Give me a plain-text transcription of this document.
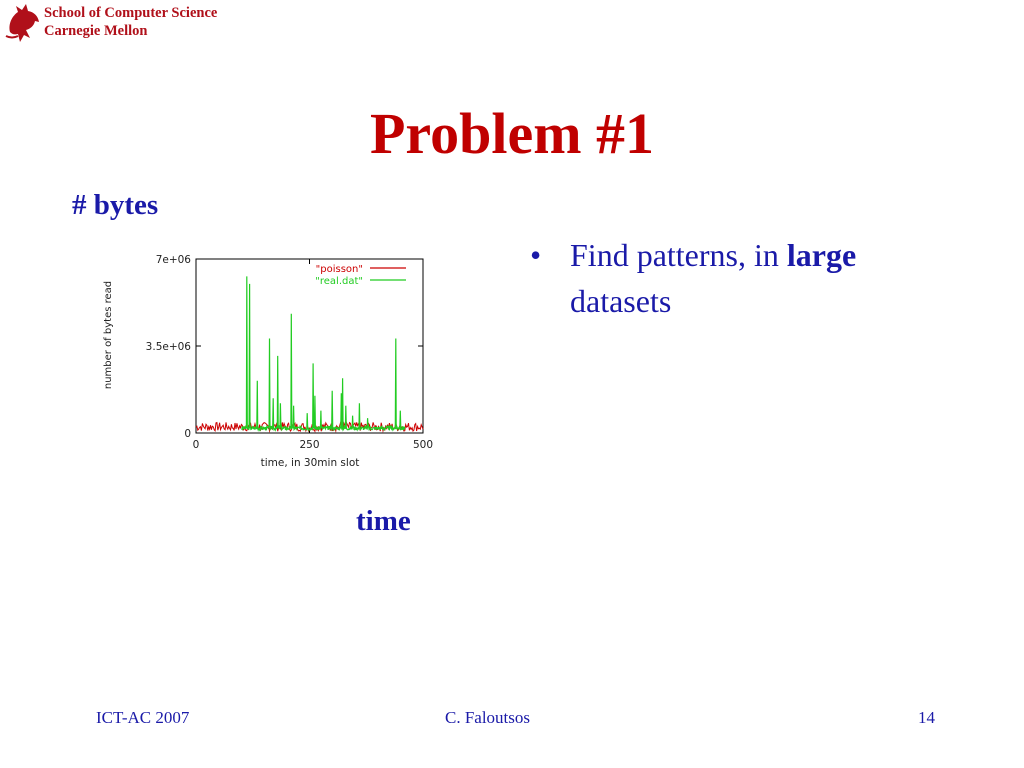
School of Computer Science
Carnegie Mellon
Problem #1
# bytes
time
number of bytes read
time, in 30min slot
0
3.5e+06
7e+06
0	250	500
"poisson"
"real.dat"
• Find patterns, in large
datasets
ICT-AC 2007	C. Faloutsos	14
